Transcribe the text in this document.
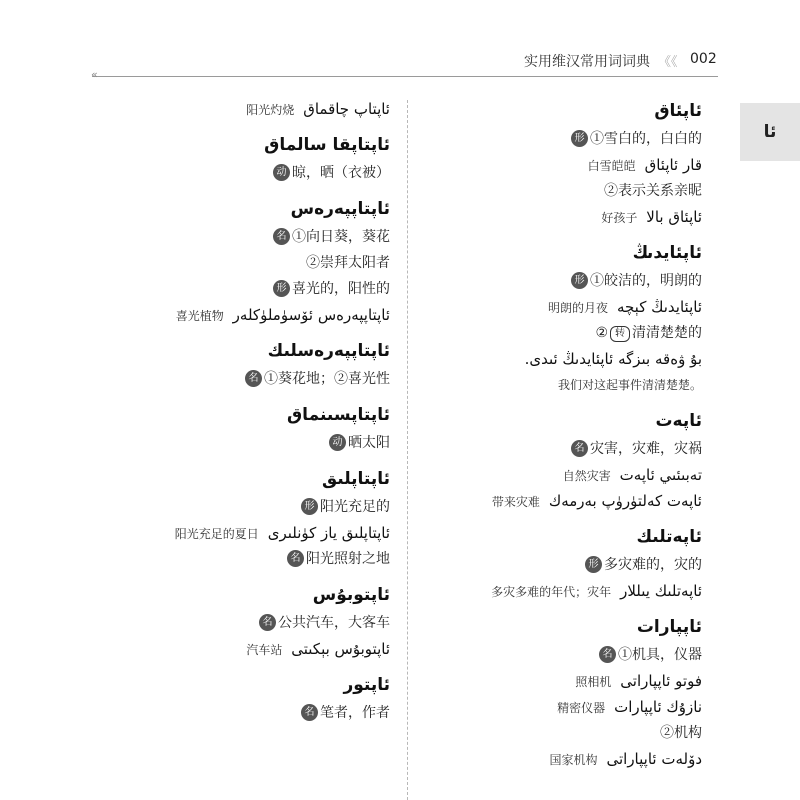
实用维汉常用词词典 《《 002
«
ئا
阳光灼烧 ئاپتاپ چاقماق
ئاپتاپقا سالماق
动 晾，晒（衣被）
ئاپتاپپەرەس
名 ①向日葵，葵花
②崇拜太阳者
形 喜光的，阳性的
喜光植物 ئاپتاپپەرەس ئۆسۈملۈكلەر
ئاپتاپپەرەسلىك
名 ①葵花地；②喜光性
ئاپتاپسىنماق
动 晒太阳
ئاپتاپلىق
形 阳光充足的
阳光充足的夏日 ئاپتاپلىق ياز كۈنلىرى
名 阳光照射之地
ئاپتوبۇس
名 公共汽车，大客车
汽车站 ئاپتوبۇس بېكىتى
ئاپتور
名 笔者，作者
ئاپئاق
形 ①雪白的，白白的
白雪皑皑 قار ئاپئاق
②表示关系亲昵
好孩子 ئاپئاق بالا
ئاپئايدىڭ
形 ①皎洁的，明朗的
明朗的月夜 ئاپئايدىڭ كېچە
② 转 清清楚楚的
بۇ ۋەقە بىزگە ئاپئايدىڭ ئىدى.
我们对这起事件清清楚楚。
ئاپەت
名 灾害，灾难，灾祸
自然灾害 تەبىئىي ئاپەت
带来灾难 ئاپەت كەلتۈرۈپ بەرمەك
ئاپەتلىك
形 多灾难的，灾的
多灾多难的年代；灾年 ئاپەتلىك يىللار
ئاپپارات
名 ①机具，仪器
照相机 فوتو ئاپپاراتى
精密仪器 نازۇك ئاپپارات
②机构
国家机构 دۆلەت ئاپپاراتى
